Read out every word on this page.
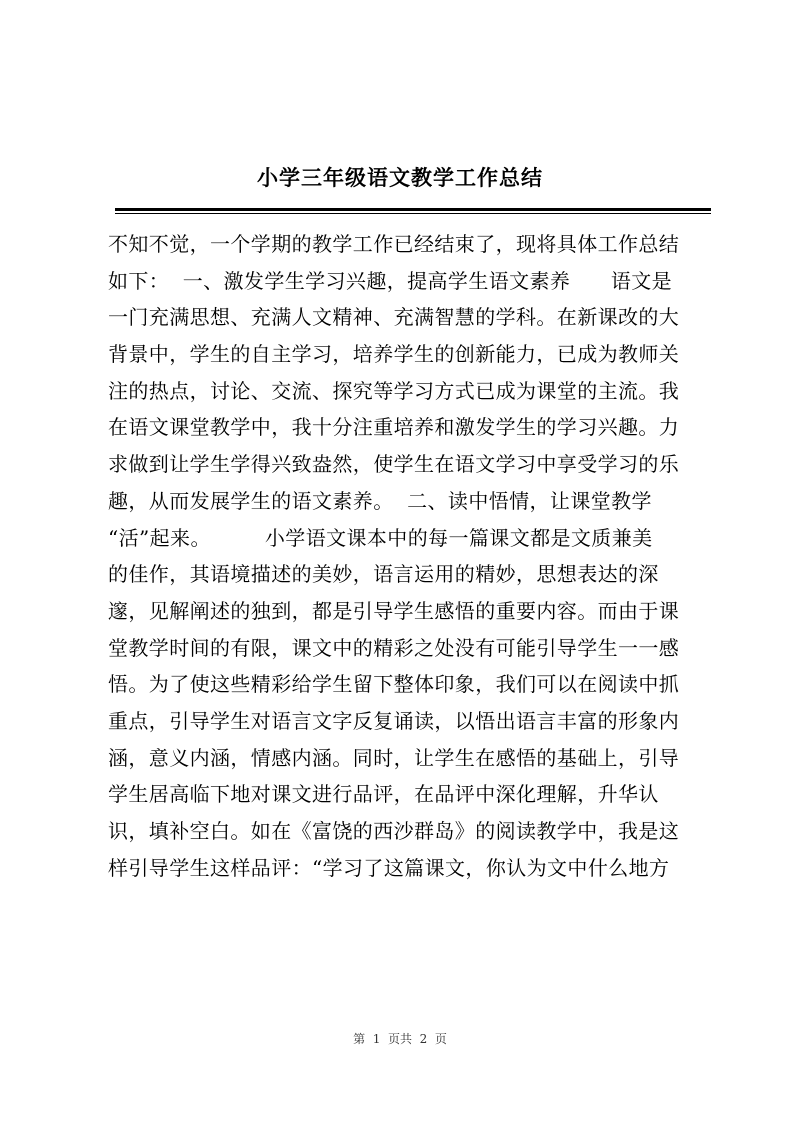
小学三年级语文教学工作总结
不知不觉，一个学期的教学工作已经结束了，现将具体工作总结
如下：  一、激发学生学习兴趣，提高学生语文素养      语文是
一门充满思想、充满人文精神、充满智慧的学科。在新课改的大
背景中，学生的自主学习，培养学生的创新能力，已成为教师关
注的热点，讨论、交流、探究等学习方式已成为课堂的主流。我
在语文课堂教学中，我十分注重培养和激发学生的学习兴趣。力
求做到让学生学得兴致盎然，使学生在语文学习中享受学习的乐
趣，从而发展学生的语文素养。  二、读中悟情，让课堂教学
“活”起来。        小学语文课本中的每一篇课文都是文质兼美
的佳作，其语境描述的美妙，语言运用的精妙，思想表达的深
邃，见解阐述的独到，都是引导学生感悟的重要内容。而由于课
堂教学时间的有限，课文中的精彩之处没有可能引导学生一一感
悟。为了使这些精彩给学生留下整体印象，我们可以在阅读中抓
重点，引导学生对语言文字反复诵读，以悟出语言丰富的形象内
涵，意义内涵，情感内涵。同时，让学生在感悟的基础上，引导
学生居高临下地对课文进行品评，在品评中深化理解，升华认
识，填补空白。如在《富饶的西沙群岛》的阅读教学中，我是这
样引导学生这样品评：“学习了这篇课文，你认为文中什么地方
第  1  页共  2  页
